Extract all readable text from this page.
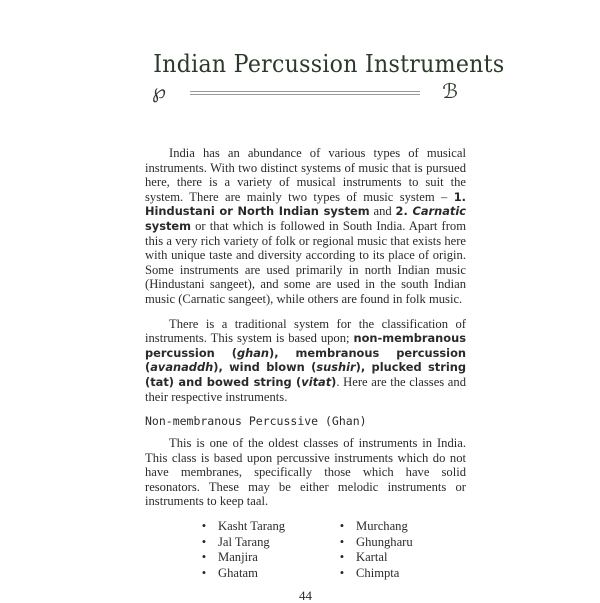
Indian Percussion Instruments
℘	ℬ

India has an abundance of various types of musical instruments. With two distinct systems of music that is pursued here, there is a variety of musical instruments to suit the system. There are mainly two types of music system – 1. Hindustani or North Indian system and 2. Carnatic system or that which is followed in South India. Apart from this a very rich variety of folk or regional music that exists here with unique taste and diversity according to its place of origin. Some instruments are used primarily in north Indian music (Hindustani sangeet), and some are used in the south Indian music (Carnatic sangeet), while others are found in folk music.

There is a traditional system for the classification of instruments. This system is based upon; non-membranous percussion (ghan), membranous percussion (avanaddh), wind blown (sushir), plucked string (tat) and bowed string (vitat). Here are the classes and their respective instruments.

Non-membranous Percussive (Ghan)

This is one of the oldest classes of instruments in India. This class is based upon percussive instruments which do not have membranes, specifically those which have solid resonators. These may be either melodic instruments or instruments to keep taal.

• Kasht Tarang	• Murchang
• Jal Tarang	• Ghungharu
• Manjira	• Kartal
• Ghatam	• Chimpta
44
